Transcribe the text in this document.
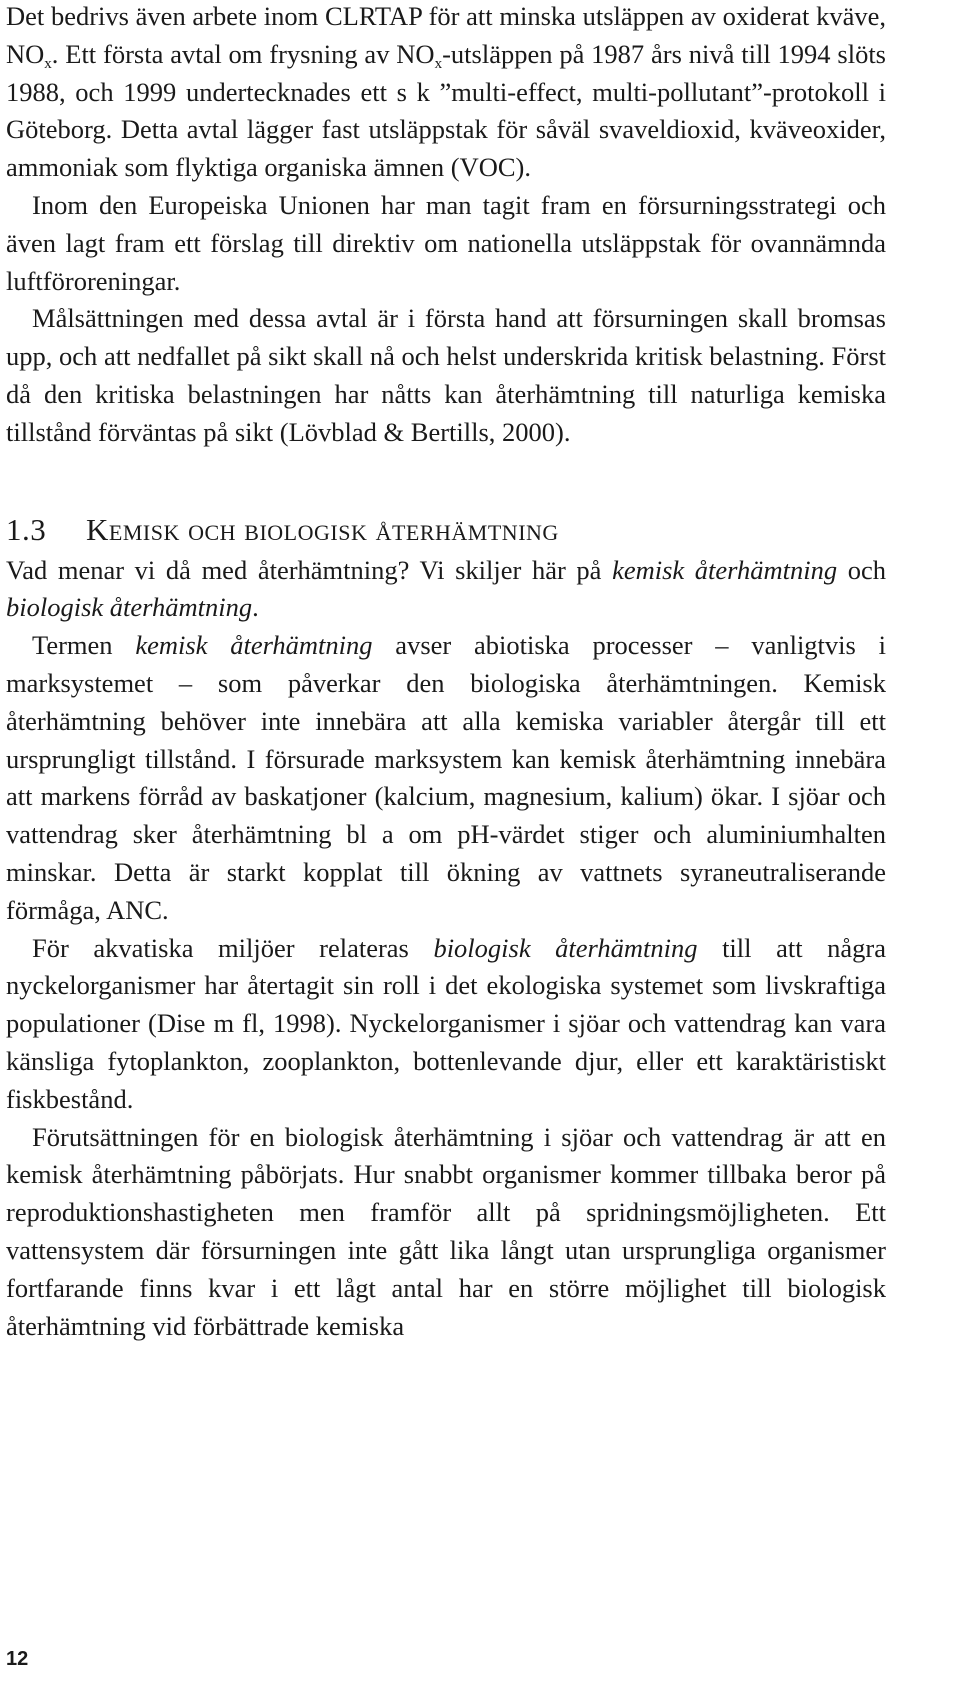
Det bedrivs även arbete inom CLRTAP för att minska utsläppen av oxiderat kväve, $NO_x$. Ett första avtal om frysning av $NO_x$-utsläppen på 1987 års nivå till 1994 slöts 1988, och 1999 undertecknades ett s k ”multi-effect, multi-pollutant”-protokoll i Göteborg. Detta avtal lägger fast utsläppstak för såväl svaveldioxid, kväveoxider, ammoniak som flyktiga organiska ämnen (VOC).

Inom den Europeiska Unionen har man tagit fram en försurningsstrategi och även lagt fram ett förslag till direktiv om nationella utsläppstak för ovannämnda luftföroreningar.

Målsättningen med dessa avtal är i första hand att försurningen skall bromsas upp, och att nedfallet på sikt skall nå och helst underskrida kritisk belastning. Först då den kritiska belastningen har nåtts kan återhämtning till naturliga kemiska tillstånd förväntas på sikt (Lövblad & Bertills, 2000).

1.3 Kemisk och biologisk återhämtning

Vad menar vi då med återhämtning? Vi skiljer här på kemisk återhämtning och biologisk återhämtning.

Termen kemisk återhämtning avser abiotiska processer – vanligtvis i marksystemet – som påverkar den biologiska återhämtningen. Kemisk återhämtning behöver inte innebära att alla kemiska variabler återgår till ett ursprungligt tillstånd. I försurade marksystem kan kemisk återhämtning innebära att markens förråd av baskatjoner (kalcium, magnesium, kalium) ökar. I sjöar och vattendrag sker återhämtning bl a om pH-värdet stiger och aluminiumhalten minskar. Detta är starkt kopplat till ökning av vattnets syraneutraliserande förmåga, ANC.

För akvatiska miljöer relateras biologisk återhämtning till att några nyckelorganismer har återtagit sin roll i det ekologiska systemet som livskraftiga populationer (Dise m fl, 1998). Nyckelorganismer i sjöar och vattendrag kan vara känsliga fytoplankton, zooplankton, bottenlevande djur, eller ett karaktäristiskt fiskbestånd.

Förutsättningen för en biologisk återhämtning i sjöar och vattendrag är att en kemisk återhämtning påbörjats. Hur snabbt organismer kommer tillbaka beror på reproduktionshastigheten men framför allt på spridningsmöjligheten. Ett vattensystem där försurningen inte gått lika långt utan ursprungliga organismer fortfarande finns kvar i ett lågt antal har en större möjlighet till biologisk återhämtning vid förbättrade kemiska

12
